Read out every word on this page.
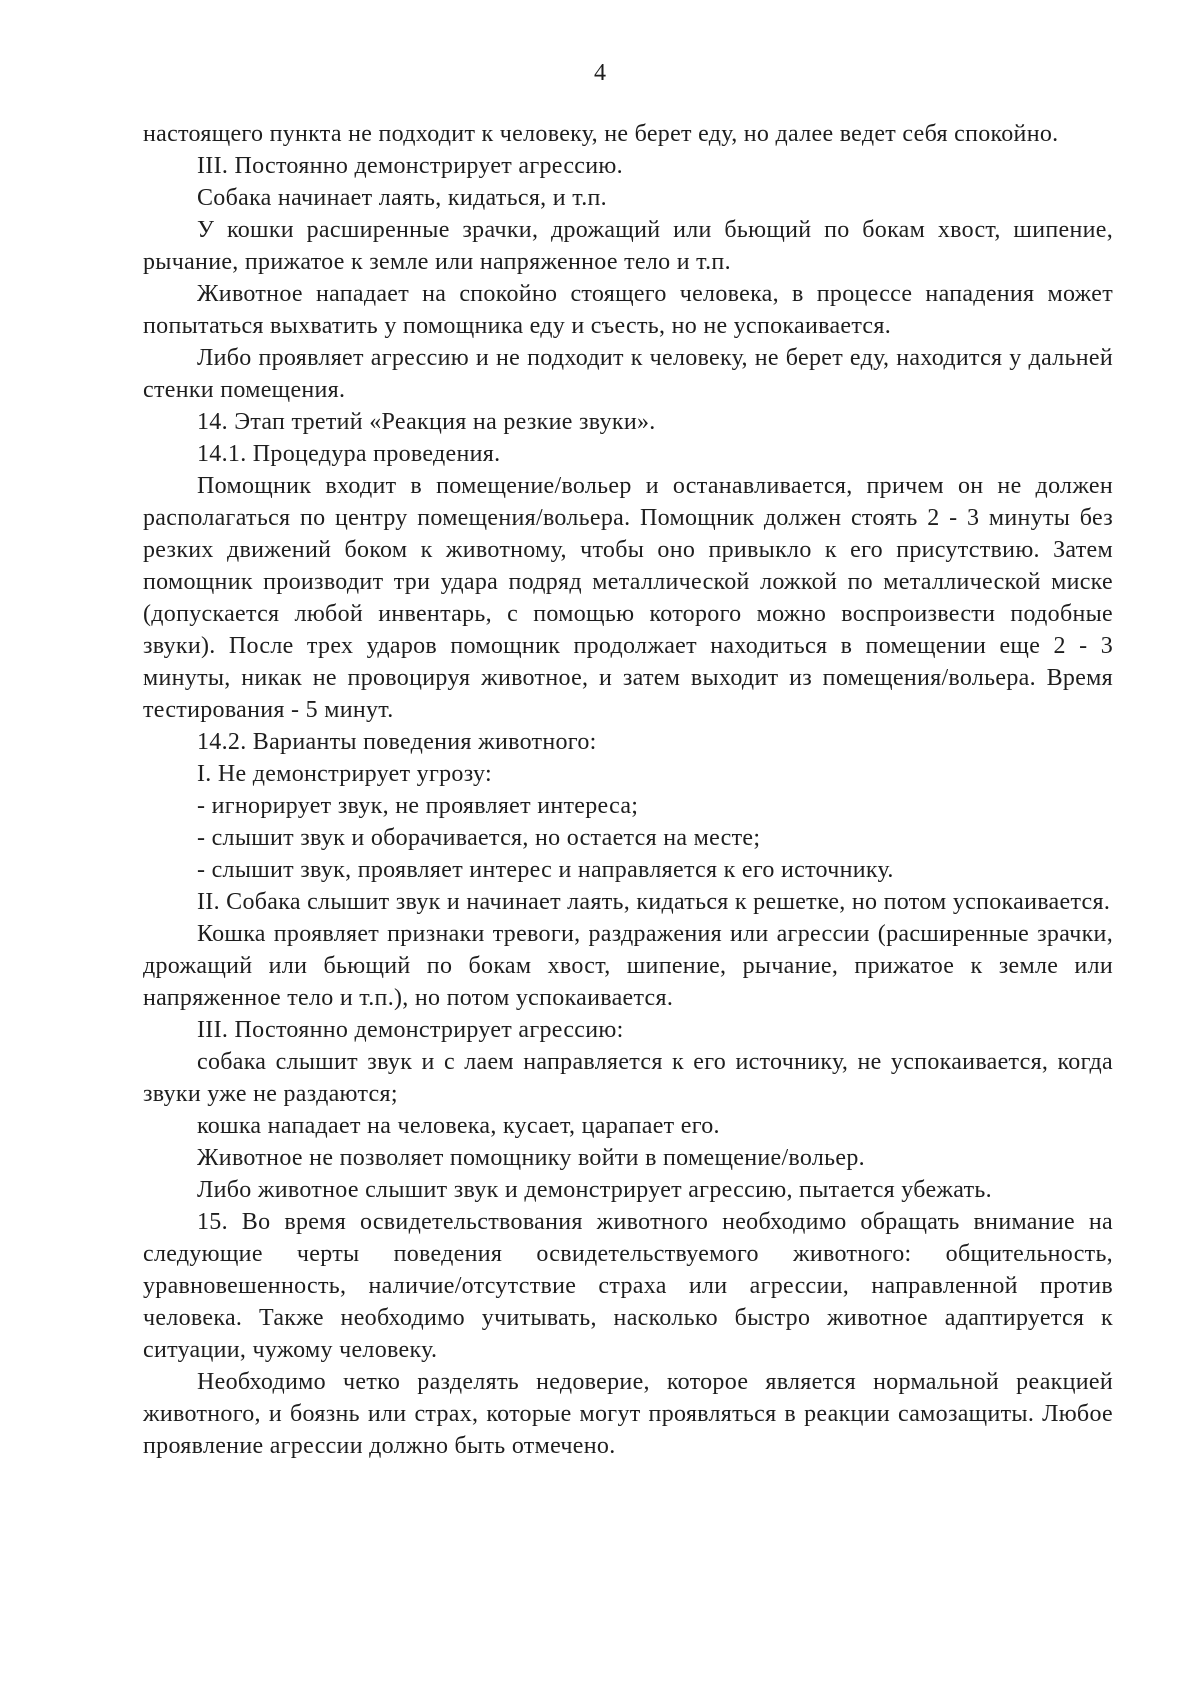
4

настоящего пункта не подходит к человеку, не берет еду, но далее ведет себя спокойно.

III. Постоянно демонстрирует агрессию.

Собака начинает лаять, кидаться, и т.п.

У кошки расширенные зрачки, дрожащий или бьющий по бокам хвост, шипение, рычание, прижатое к земле или напряженное тело и т.п.

Животное нападает на спокойно стоящего человека, в процессе нападения может попытаться выхватить у помощника еду и съесть, но не успокаивается.

Либо проявляет агрессию и не подходит к человеку, не берет еду, находится у дальней стенки помещения.

14. Этап третий «Реакция на резкие звуки».

14.1. Процедура проведения.

Помощник входит в помещение/вольер и останавливается, причем он не должен располагаться по центру помещения/вольера. Помощник должен стоять 2 - 3 минуты без резких движений боком к животному, чтобы оно привыкло к его присутствию. Затем помощник производит три удара подряд металлической ложкой по металлической миске (допускается любой инвентарь, с помощью которого можно воспроизвести подобные звуки). После трех ударов помощник продолжает находиться в помещении еще 2 - 3 минуты, никак не провоцируя животное, и затем выходит из помещения/вольера. Время тестирования - 5 минут.

14.2. Варианты поведения животного:

I. Не демонстрирует угрозу:

- игнорирует звук, не проявляет интереса;

- слышит звук и оборачивается, но остается на месте;

- слышит звук, проявляет интерес и направляется к его источнику.

II. Собака слышит звук и начинает лаять, кидаться к решетке, но потом успокаивается.

Кошка проявляет признаки тревоги, раздражения или агрессии (расширенные зрачки, дрожащий или бьющий по бокам хвост, шипение, рычание, прижатое к земле или напряженное тело и т.п.), но потом успокаивается.

III. Постоянно демонстрирует агрессию:

собака слышит звук и с лаем направляется к его источнику, не успокаивается, когда звуки уже не раздаются;

кошка нападает на человека, кусает, царапает его.

Животное не позволяет помощнику войти в помещение/вольер.

Либо животное слышит звук и демонстрирует агрессию, пытается убежать.

15. Во время освидетельствования животного необходимо обращать внимание на следующие черты поведения освидетельствуемого животного: общительность, уравновешенность, наличие/отсутствие страха или агрессии, направленной против человека. Также необходимо учитывать, насколько быстро животное адаптируется к ситуации, чужому человеку.

Необходимо четко разделять недоверие, которое является нормальной реакцией животного, и боязнь или страх, которые могут проявляться в реакции самозащиты. Любое проявление агрессии должно быть отмечено.
